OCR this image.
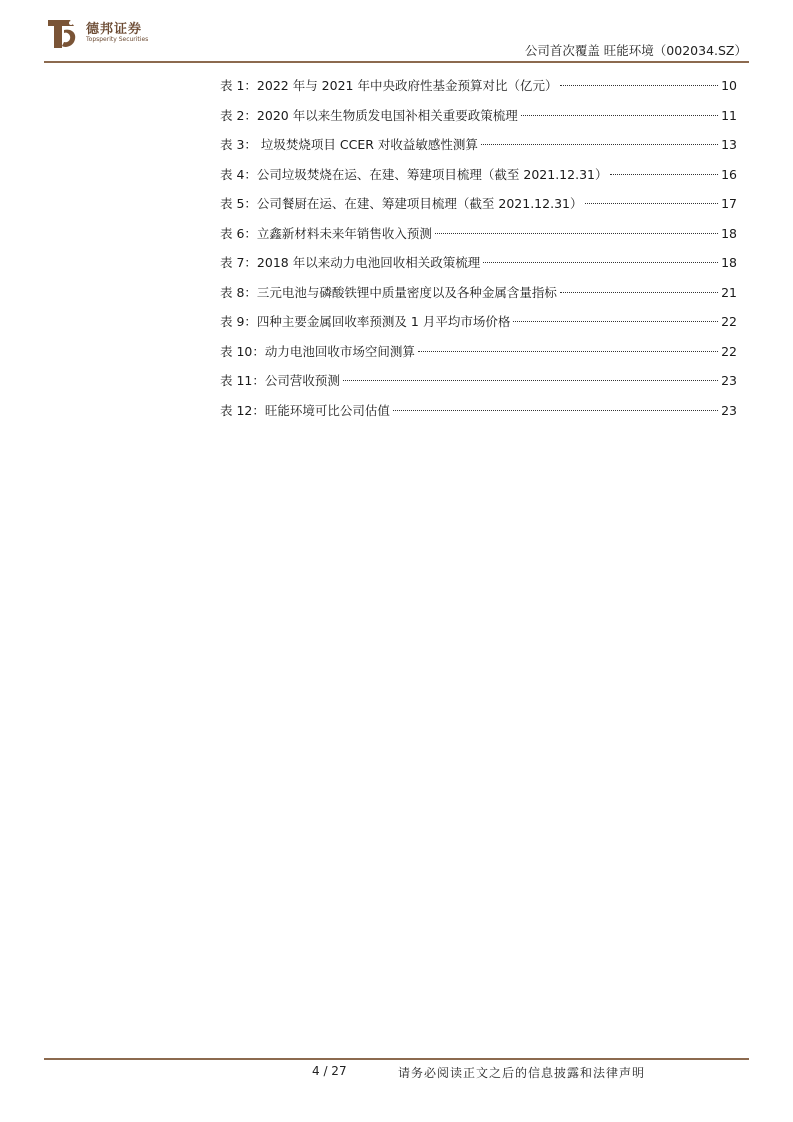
德邦证券
Topsperity Securities
公司首次覆盖 旺能环境（002034.SZ）
表 1：2022 年与 2021 年中央政府性基金预算对比（亿元）	10
表 2：2020 年以来生物质发电国补相关重要政策梳理	11
表 3： 垃圾焚烧项目 CCER 对收益敏感性测算	13
表 4：公司垃圾焚烧在运、在建、筹建项目梳理（截至 2021.12.31）	16
表 5：公司餐厨在运、在建、筹建项目梳理（截至 2021.12.31）	17
表 6：立鑫新材料未来年销售收入预测	18
表 7：2018 年以来动力电池回收相关政策梳理	18
表 8：三元电池与磷酸铁锂中质量密度以及各种金属含量指标	21
表 9：四种主要金属回收率预测及 1 月平均市场价格	22
表 10：动力电池回收市场空间测算	22
表 11：公司营收预测	23
表 12：旺能环境可比公司估值	23
4 / 27	请务必阅读正文之后的信息披露和法律声明
